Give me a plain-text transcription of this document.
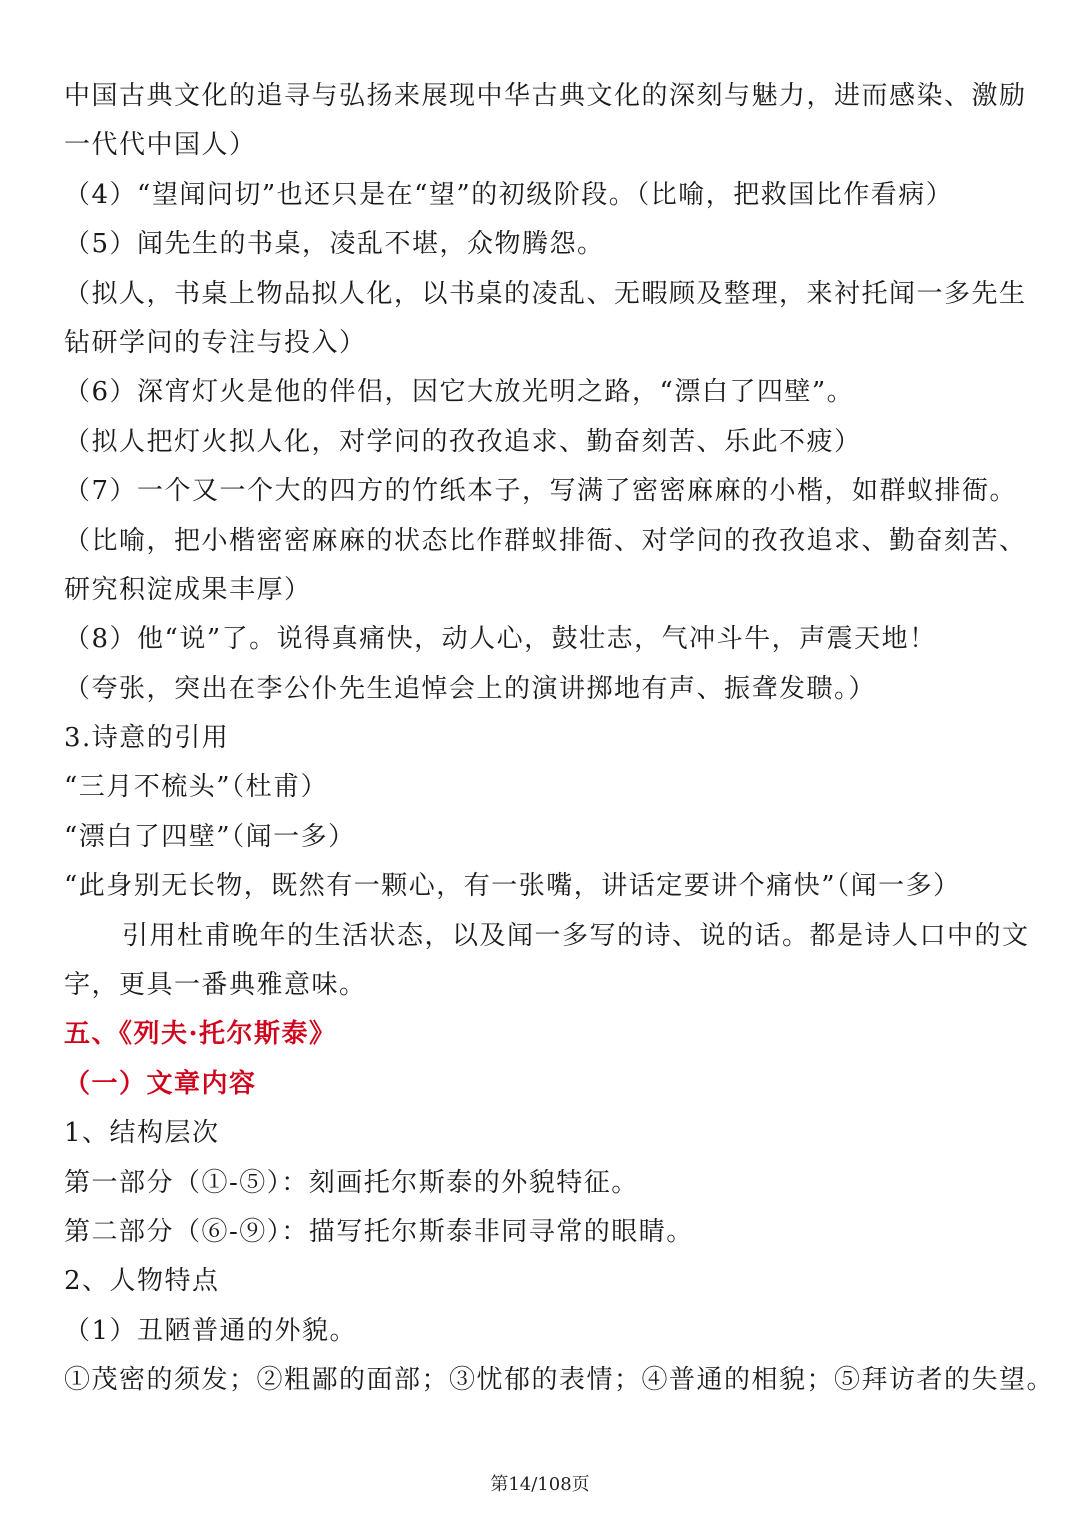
中国古典文化的追寻与弘扬来展现中华古典文化的深刻与魅力，进而感染、激励
一代代中国人）
（4）“望闻问切”也还只是在“望”的初级阶段。（比喻，把救国比作看病）
（5）闻先生的书桌，凌乱不堪，众物腾怨。
（拟人，书桌上物品拟人化，以书桌的凌乱、无暇顾及整理，来衬托闻一多先生
钻研学问的专注与投入）
（6）深宵灯火是他的伴侣，因它大放光明之路，“漂白了四壁”。
（拟人把灯火拟人化，对学问的孜孜追求、勤奋刻苦、乐此不疲）
（7）一个又一个大的四方的竹纸本子，写满了密密麻麻的小楷，如群蚁排衙。
（比喻，把小楷密密麻麻的状态比作群蚁排衙、对学问的孜孜追求、勤奋刻苦、
研究积淀成果丰厚）
（8）他“说”了。说得真痛快，动人心，鼓壮志，气冲斗牛，声震天地！
（夸张，突出在李公仆先生追悼会上的演讲掷地有声、振聋发聩。）
3.诗意的引用
“三月不梳头”（杜甫）
“漂白了四壁”（闻一多）
“此身别无长物，既然有一颗心，有一张嘴，讲话定要讲个痛快”（闻一多）
引用杜甫晚年的生活状态，以及闻一多写的诗、说的话。都是诗人口中的文
字，更具一番典雅意味。
五、《列夫·托尔斯泰》
（一）文章内容
1、结构层次
第一部分（①-⑤）：刻画托尔斯泰的外貌特征。
第二部分（⑥-⑨）：描写托尔斯泰非同寻常的眼睛。
2、人物特点
（1）丑陋普通的外貌。
①茂密的须发；②粗鄙的面部；③忧郁的表情；④普通的相貌；⑤拜访者的失望。
第14/108页
